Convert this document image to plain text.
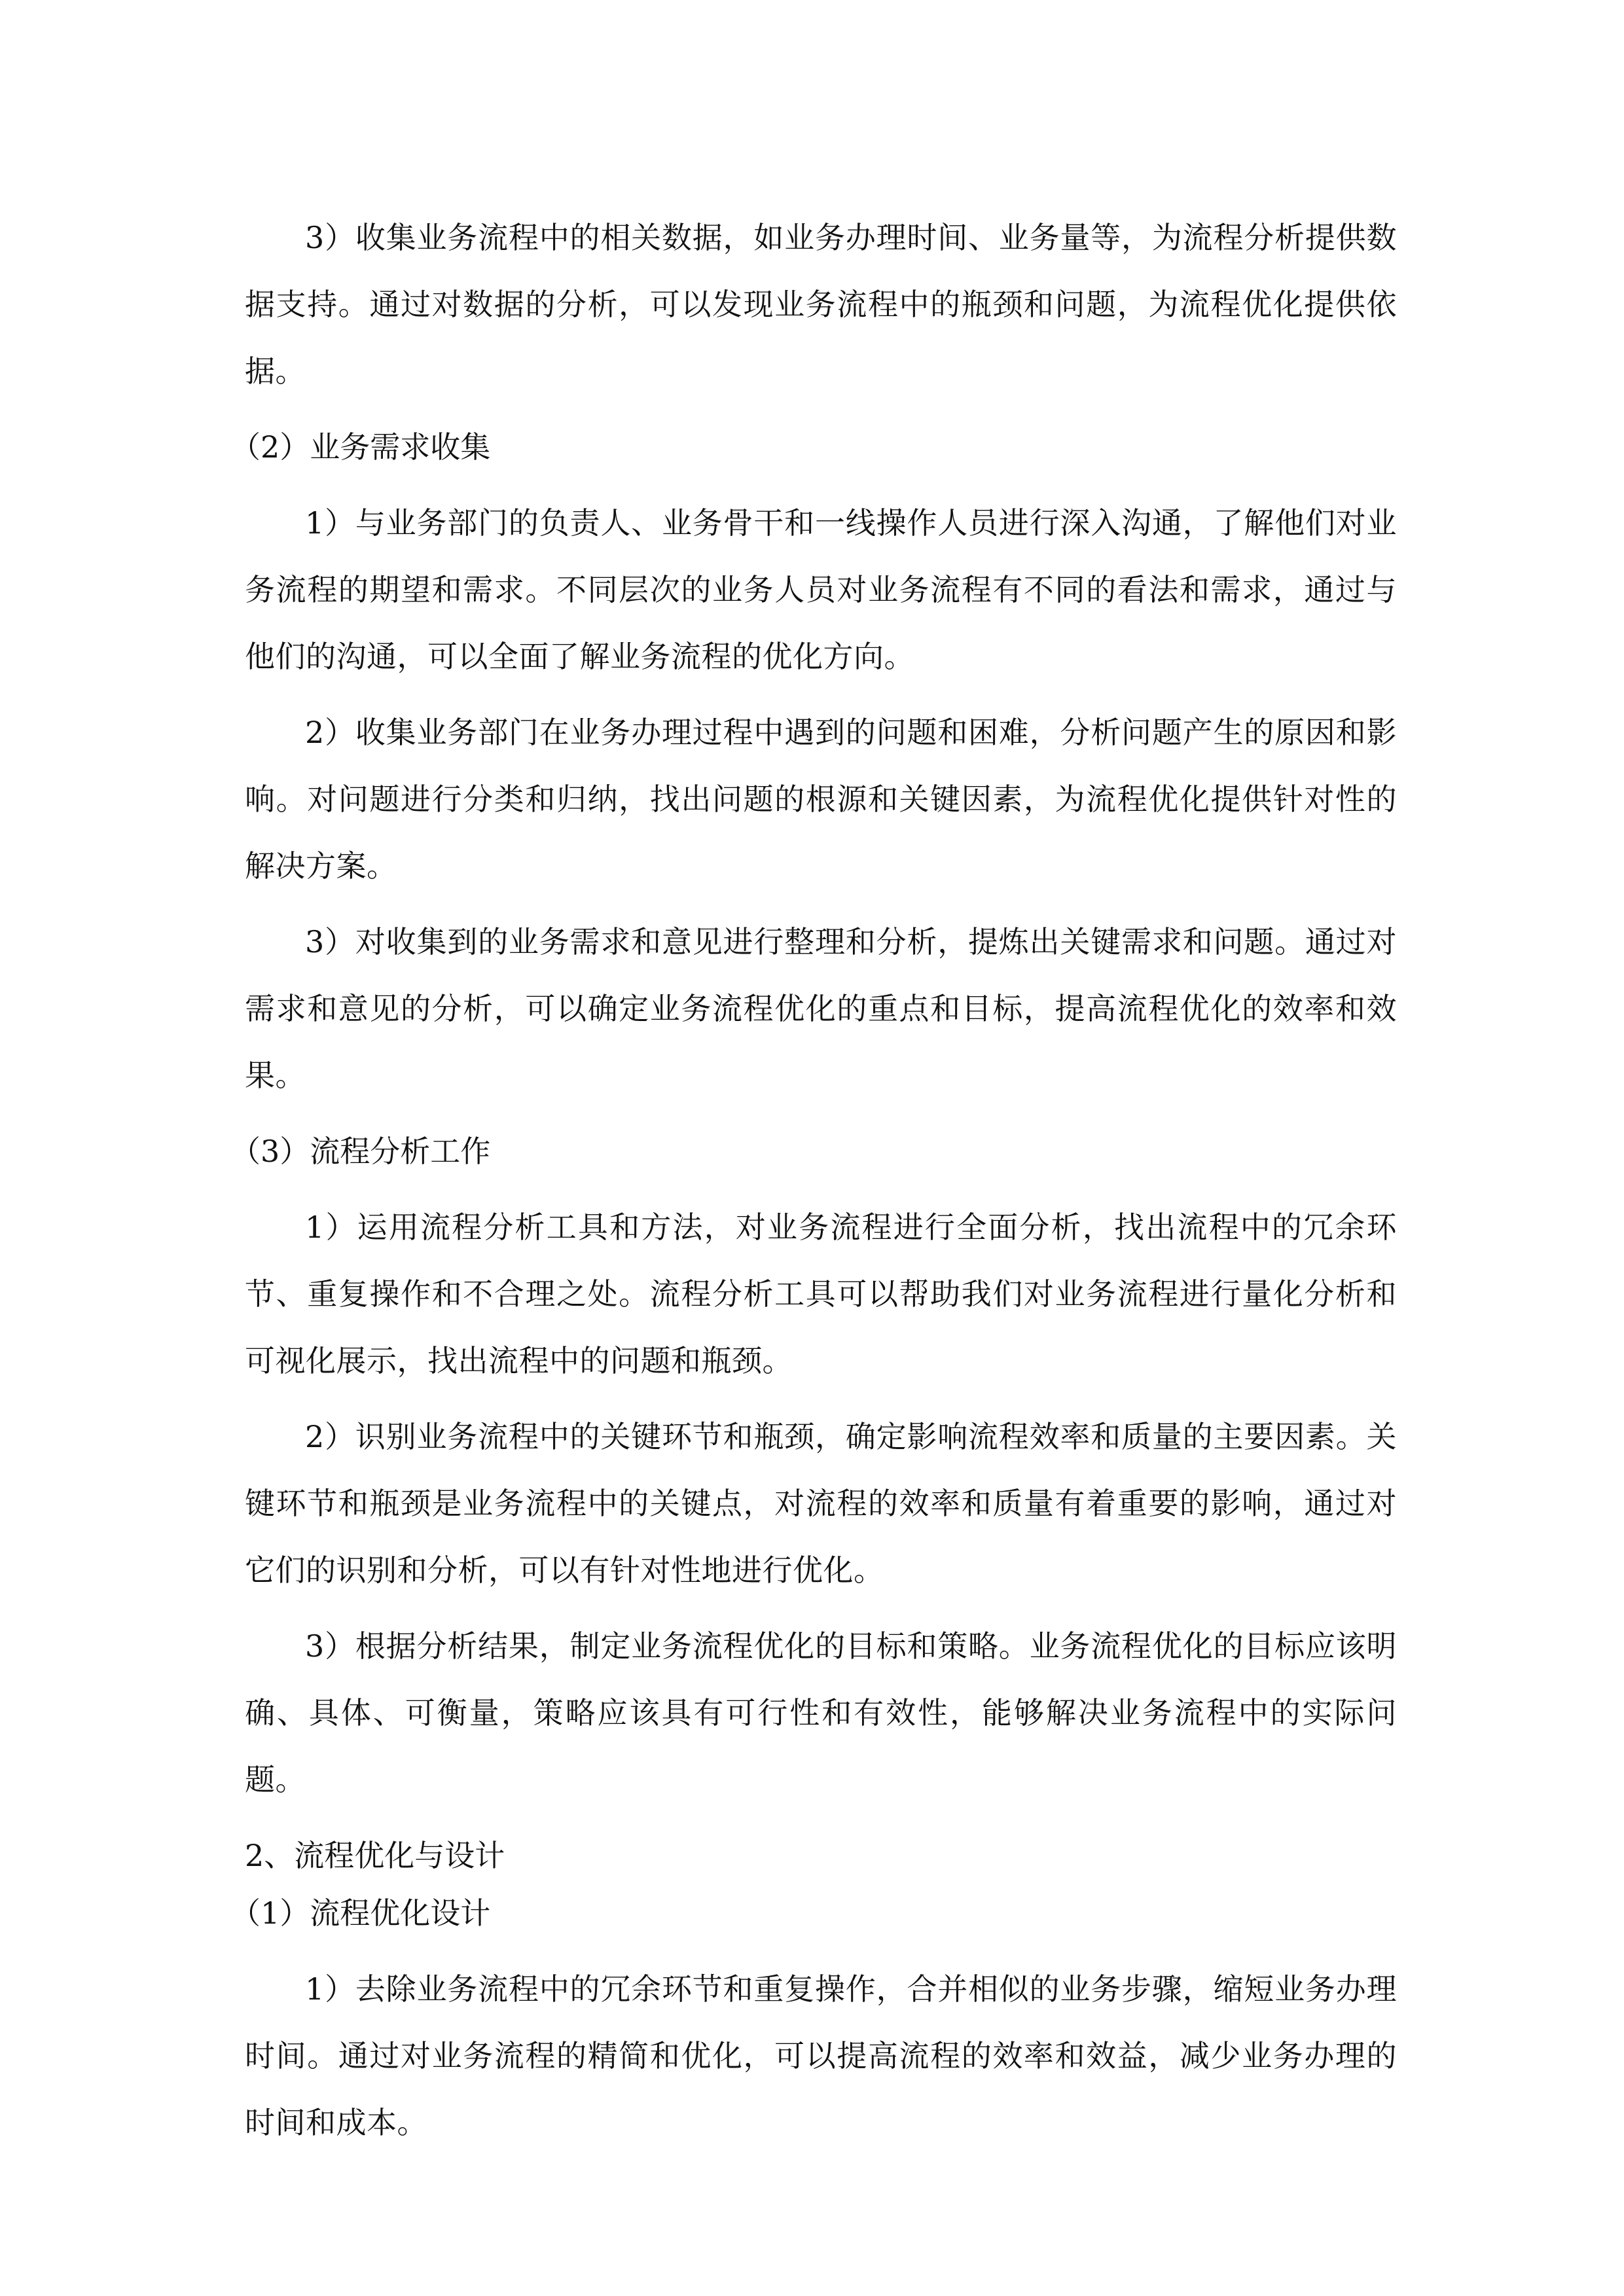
3）收集业务流程中的相关数据，如业务办理时间、业务量等，为流程分析提供数据支持。通过对数据的分析，可以发现业务流程中的瓶颈和问题，为流程优化提供依据。

（2）业务需求收集

1）与业务部门的负责人、业务骨干和一线操作人员进行深入沟通，了解他们对业务流程的期望和需求。不同层次的业务人员对业务流程有不同的看法和需求，通过与他们的沟通，可以全面了解业务流程的优化方向。

2）收集业务部门在业务办理过程中遇到的问题和困难，分析问题产生的原因和影响。对问题进行分类和归纳，找出问题的根源和关键因素，为流程优化提供针对性的解决方案。

3）对收集到的业务需求和意见进行整理和分析，提炼出关键需求和问题。通过对需求和意见的分析，可以确定业务流程优化的重点和目标，提高流程优化的效率和效果。

（3）流程分析工作

1）运用流程分析工具和方法，对业务流程进行全面分析，找出流程中的冗余环节、重复操作和不合理之处。流程分析工具可以帮助我们对业务流程进行量化分析和可视化展示，找出流程中的问题和瓶颈。

2）识别业务流程中的关键环节和瓶颈，确定影响流程效率和质量的主要因素。关键环节和瓶颈是业务流程中的关键点，对流程的效率和质量有着重要的影响，通过对它们的识别和分析，可以有针对性地进行优化。

3）根据分析结果，制定业务流程优化的目标和策略。业务流程优化的目标应该明确、具体、可衡量，策略应该具有可行性和有效性，能够解决业务流程中的实际问题。

2、流程优化与设计

（1）流程优化设计

1）去除业务流程中的冗余环节和重复操作，合并相似的业务步骤，缩短业务办理时间。通过对业务流程的精简和优化，可以提高流程的效率和效益，减少业务办理的时间和成本。
